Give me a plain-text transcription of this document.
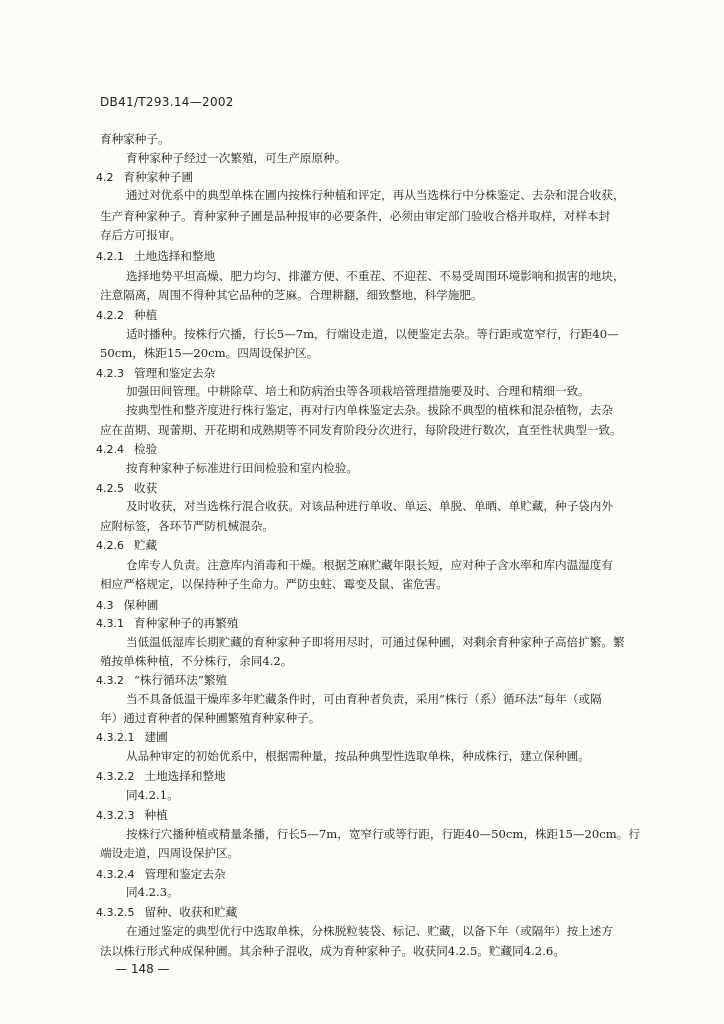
DB41/T293.14—2002
育种家种子。
育种家种子经过一次繁殖，可生产原原种。
4.2 育种家种子圃
通过对优系中的典型单株在圃内按株行种植和评定，再从当选株行中分株鉴定、去杂和混合收获，
生产育种家种子。育种家种子圃是品种报审的必要条件，必须由审定部门验收合格并取样，对样本封
存后方可报审。
4.2.1 土地选择和整地
选择地势平坦高燥、肥力均匀、排灌方便、不重茬、不迎茬、不易受周围环境影响和损害的地块，
注意隔离，周围不得种其它品种的芝麻。合理耕翻，细致整地，科学施肥。
4.2.2 种植
适时播种。按株行穴播，行长5—7m，行端设走道，以便鉴定去杂。等行距或宽窄行，行距40—
50cm，株距15—20cm。四周设保护区。
4.2.3 管理和鉴定去杂
加强田间管理。中耕除草、培土和防病治虫等各项栽培管理措施要及时、合理和精细一致。
按典型性和整齐度进行株行鉴定，再对行内单株鉴定去杂。拔除不典型的植株和混杂植物，去杂
应在苗期、现蕾期、开花期和成熟期等不同发育阶段分次进行，每阶段进行数次，直至性状典型一致。
4.2.4 检验
按育种家种子标准进行田间检验和室内检验。
4.2.5 收获
及时收获，对当选株行混合收获。对该品种进行单收、单运、单脱、单晒、单贮藏，种子袋内外
应附标签，各环节严防机械混杂。
4.2.6 贮藏
仓库专人负责。注意库内消毒和干燥。根据芝麻贮藏年限长短，应对种子含水率和库内温湿度有
相应严格规定，以保持种子生命力。严防虫蛀、霉变及鼠、雀危害。
4.3 保种圃
4.3.1 育种家种子的再繁殖
当低温低湿库长期贮藏的育种家种子即将用尽时，可通过保种圃，对剩余育种家种子高倍扩繁。繁
殖按单株种植，不分株行，余同4.2。
4.3.2 “株行循环法”繁殖
当不具备低温干燥库多年贮藏条件时，可由育种者负责，采用“株行（系）循环法”每年（或隔
年）通过育种者的保种圃繁殖育种家种子。
4.3.2.1 建圃
从品种审定的初始优系中，根据需种量，按品种典型性选取单株，种成株行，建立保种圃。
4.3.2.2 土地选择和整地
同4.2.1。
4.3.2.3 种植
按株行穴播种植或精量条播，行长5—7m，宽窄行或等行距，行距40—50cm，株距15—20cm。行
端设走道，四周设保护区。
4.3.2.4 管理和鉴定去杂
同4.2.3。
4.3.2.5 留种、收获和贮藏
在通过鉴定的典型优行中选取单株，分株脱粒装袋、标记、贮藏，以备下年（或隔年）按上述方
法以株行形式种成保种圃。其余种子混收，成为育种家种子。收获同4.2.5。贮藏同4.2.6。
— 148 —
